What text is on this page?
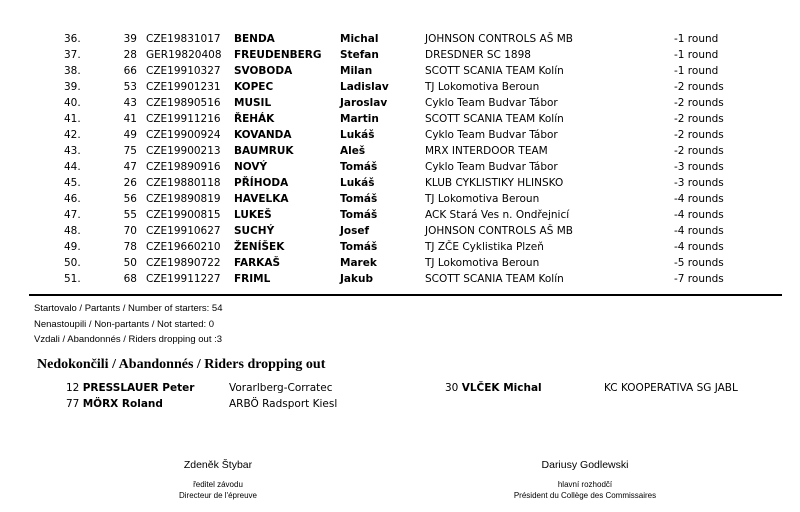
36.	39 CZE19831017 BENDA	Michal	JOHNSON CONTROLS AŠ MB	-1 round
37.	28 GER19820408 FREUDENBERG Stefan	DRESDNER SC 1898	-1 round
38.	66 CZE19910327 SVOBODA	Milan	SCOTT SCANIA TEAM Kolín	-1 round
39.	53 CZE19901231 KOPEC	Ladislav	TJ Lokomotiva Beroun	-2 rounds
40.	43 CZE19890516 MUSIL	Jaroslav	Cyklo Team Budvar Tábor	-2 rounds
41.	41 CZE19911216 ŘEHÁK	Martin	SCOTT SCANIA TEAM Kolín	-2 rounds
42.	49 CZE19900924 KOVANDA	Lukáš	Cyklo Team Budvar Tábor	-2 rounds
43.	75 CZE19900213 BAUMRUK	Aleš	MRX INTERDOOR TEAM	-2 rounds
44.	47 CZE19890916 NOVÝ	Tomáš	Cyklo Team Budvar Tábor	-3 rounds
45.	26 CZE19880118 PŘÍHODA	Lukáš	KLUB CYKLISTIKY HLINSKO	-3 rounds
46.	56 CZE19890819 HAVELKA	Tomáš	TJ Lokomotiva Beroun	-4 rounds
47.	55 CZE19900815 LUKEŠ	Tomáš	ACK Stará Ves n. Ondřejnicí	-4 rounds
48.	70 CZE19910627 SUCHÝ	Josef	JOHNSON CONTROLS AŠ MB	-4 rounds
49.	78 CZE19660210 ŽENÍŠEK	Tomáš	TJ ZČE Cyklistika Plzeň	-4 rounds
50.	50 CZE19890722 FARKAŠ	Marek	TJ Lokomotiva Beroun	-5 rounds
51.	68 CZE19911227 FRIML	Jakub	SCOTT SCANIA TEAM Kolín	-7 rounds
Startovalo / Partants / Number of starters: 54
Nenastoupili / Non-partants / Not started: 0
Vzdali / Abandonnés / Riders dropping out :3
Nedokončili / Abandonnés / Riders dropping out
12 PRESSLAUER Peter	Vorarlberg-Corratec
77 MÖRX Roland	ARBÖ Radsport Kiesl
30 VLČEK Michal	KC KOOPERATIVA SG JABL
Zdeněk Štybar
ředitel závodu
Directeur de l'épreuve
Dariusy Godlewski
hlavní rozhodčí
Président du Collège des Commissaires
